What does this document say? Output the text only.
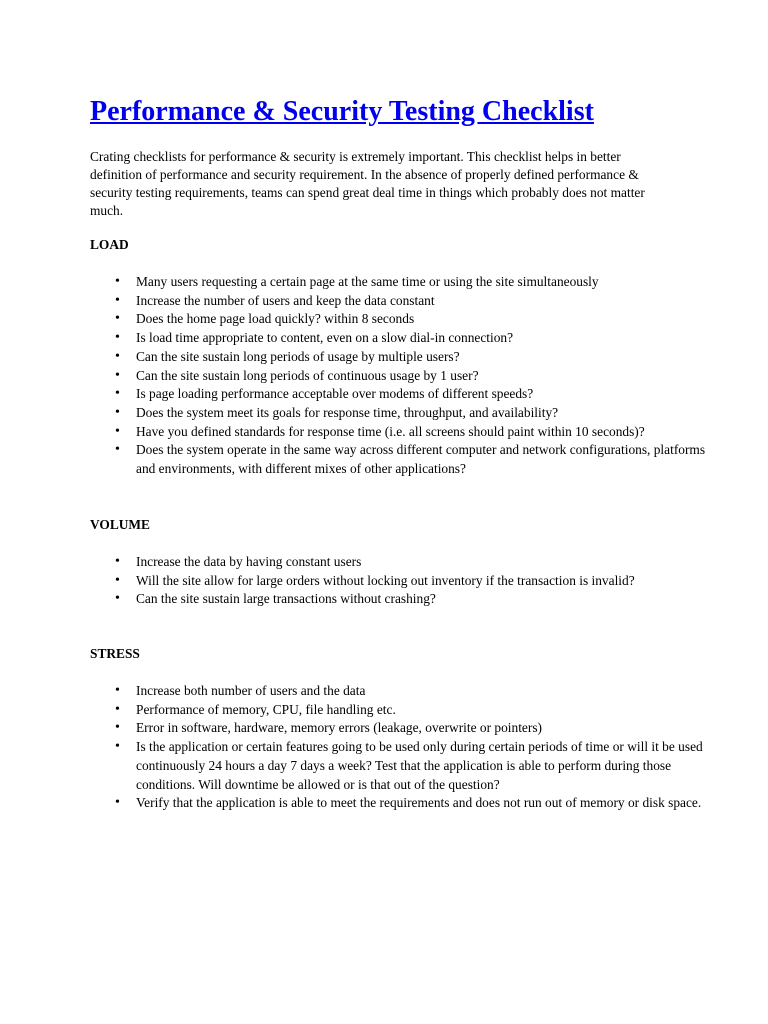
Performance & Security Testing Checklist

Crating checklists for performance & security is extremely important. This checklist helps in better definition of performance and security requirement. In the absence of properly defined performance & security testing requirements, teams can spend great deal time in things which probably does not matter much.

LOAD
• Many users requesting a certain page at the same time or using the site simultaneously
• Increase the number of users and keep the data constant
• Does the home page load quickly? within 8 seconds
• Is load time appropriate to content, even on a slow dial-in connection?
• Can the site sustain long periods of usage by multiple users?
• Can the site sustain long periods of continuous usage by 1 user?
• Is page loading performance acceptable over modems of different speeds?
• Does the system meet its goals for response time, throughput, and availability?
• Have you defined standards for response time (i.e. all screens should paint within 10 seconds)?
• Does the system operate in the same way across different computer and network configurations, platforms and environments, with different mixes of other applications?
VOLUME
• Increase the data by having constant users
• Will the site allow for large orders without locking out inventory if the transaction is invalid?
• Can the site sustain large transactions without crashing?
STRESS
• Increase both number of users and the data
• Performance of memory, CPU, file handling etc.
• Error in software, hardware, memory errors (leakage, overwrite or pointers)
• Is the application or certain features going to be used only during certain periods of time or will it be used continuously 24 hours a day 7 days a week? Test that the application is able to perform during those conditions. Will downtime be allowed or is that out of the question?
• Verify that the application is able to meet the requirements and does not run out of memory or disk space.
